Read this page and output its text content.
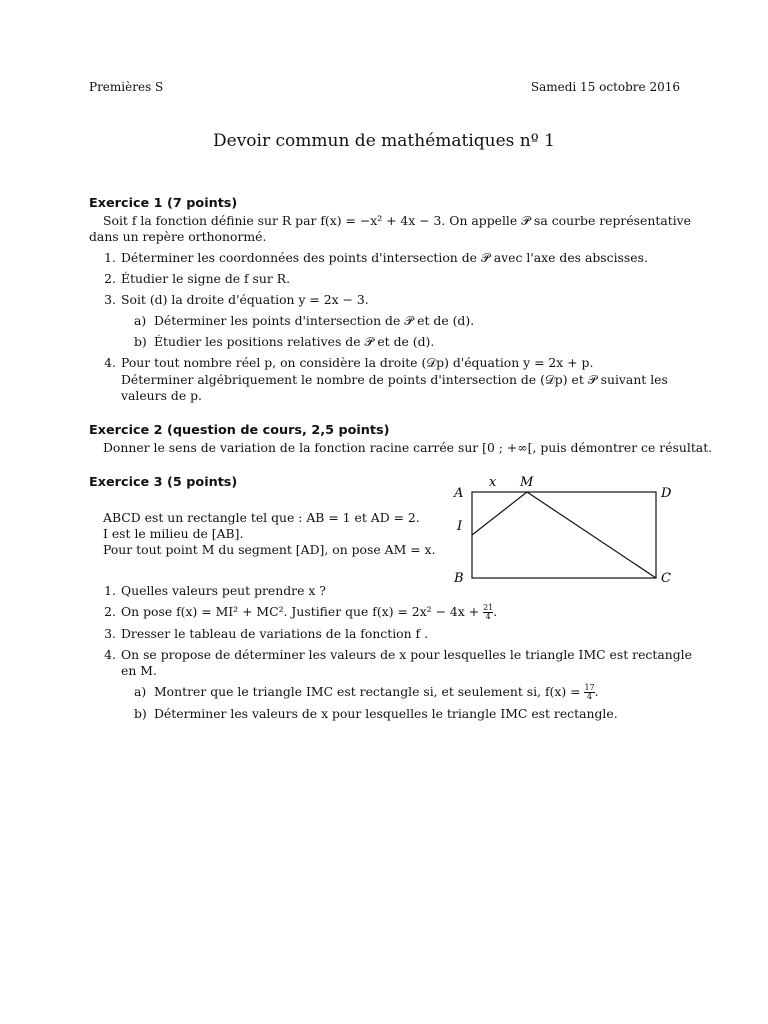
Premières S	Samedi 15 octobre 2016
Devoir commun de mathématiques nº 1
Exercice 1 (7 points)
Soit f la fonction définie sur R par f(x) = −x² + 4x − 3. On appelle 𝒫 sa courbe représentative
dans un repère orthonormé.
1. Déterminer les coordonnées des points d'intersection de 𝒫 avec l'axe des abscisses.
2. Étudier le signe de f sur R.
3. Soit (d) la droite d'équation y = 2x − 3.
a) Déterminer les points d'intersection de 𝒫 et de (d).
b) Étudier les positions relatives de 𝒫 et de (d).
4. Pour tout nombre réel p, on considère la droite (𝒟p) d'équation y = 2x + p.
Déterminer algébriquement le nombre de points d'intersection de (𝒟p) et 𝒫 suivant les
valeurs de p.
Exercice 2 (question de cours, 2,5 points)
Donner le sens de variation de la fonction racine carrée sur [0 ; +∞[, puis démontrer ce résultat.
Exercice 3 (5 points)
ABCD est un rectangle tel que : AB = 1 et AD = 2.
I est le milieu de [AB].
Pour tout point M du segment [AD], on pose AM = x.
A
x M
D
I
B	C
1. Quelles valeurs peut prendre x ?
2. On pose f(x) = MI² + MC². Justifier que $f(x) = 2x^2 - 4x + \frac{21}{4}$ .
3. Dresser le tableau de variations de la fonction f .
4. On se propose de déterminer les valeurs de x pour lesquelles le triangle IMC est rectangle
en M.
a) Montrer que le triangle IMC est rectangle si, et seulement si, $f(x) = \frac{17}{4}$ .
b) Déterminer les valeurs de x pour lesquelles le triangle IMC est rectangle.
